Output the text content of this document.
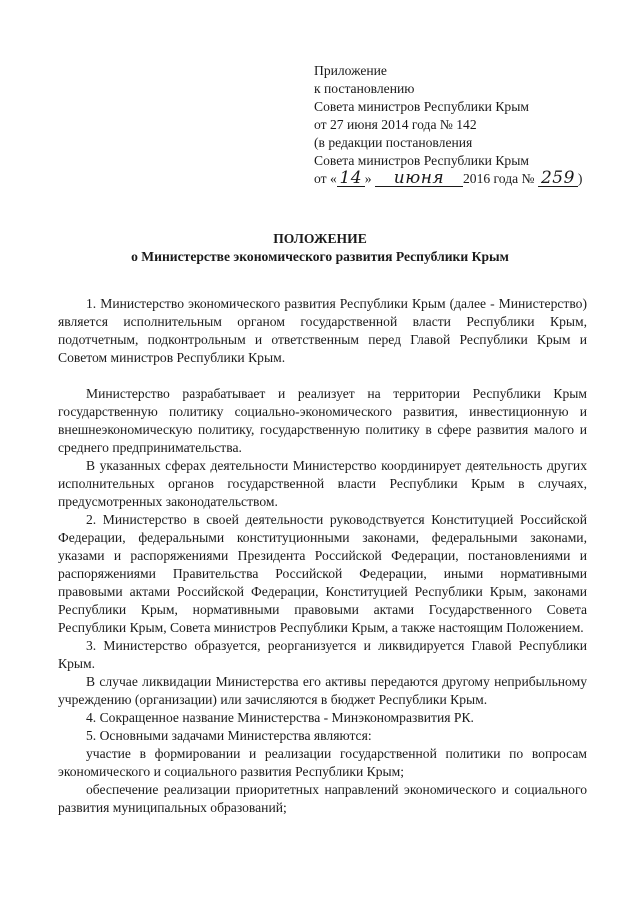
Приложение
к постановлению
Совета министров Республики Крым
от 27 июня 2014 года № 142
(в редакции постановления
Совета министров Республики Крым
от « 14 » июня 2016 года № 259 )
ПОЛОЖЕНИЕ
о Министерстве экономического развития Республики Крым

1. Министерство экономического развития Республики Крым (далее - Министерство) является исполнительным органом государственной власти Республики Крым, подотчетным, подконтрольным и ответственным перед Главой Республики Крым и Советом министров Республики Крым.

Министерство разрабатывает и реализует на территории Республики Крым государственную политику социально-экономического развития, инвестиционную и внешнеэкономическую политику, государственную политику в сфере развития малого и среднего предпринимательства.

В указанных сферах деятельности Министерство координирует деятельность других исполнительных органов государственной власти Республики Крым в случаях, предусмотренных законодательством.

2. Министерство в своей деятельности руководствуется Конституцией Российской Федерации, федеральными конституционными законами, федеральными законами, указами и распоряжениями Президента Российской Федерации, постановлениями и распоряжениями Правительства Российской Федерации, иными нормативными правовыми актами Российской Федерации, Конституцией Республики Крым, законами Республики Крым, нормативными правовыми актами Государственного Совета Республики Крым, Совета министров Республики Крым, а также настоящим Положением.

3. Министерство образуется, реорганизуется и ликвидируется Главой Республики Крым.

В случае ликвидации Министерства его активы передаются другому неприбыльному учреждению (организации) или зачисляются в бюджет Республики Крым.

4. Сокращенное название Министерства - Минэкономразвития РК.

5. Основными задачами Министерства являются:

участие в формировании и реализации государственной политики по вопросам экономического и социального развития Республики Крым;

обеспечение реализации приоритетных направлений экономического и социального развития муниципальных образований;
